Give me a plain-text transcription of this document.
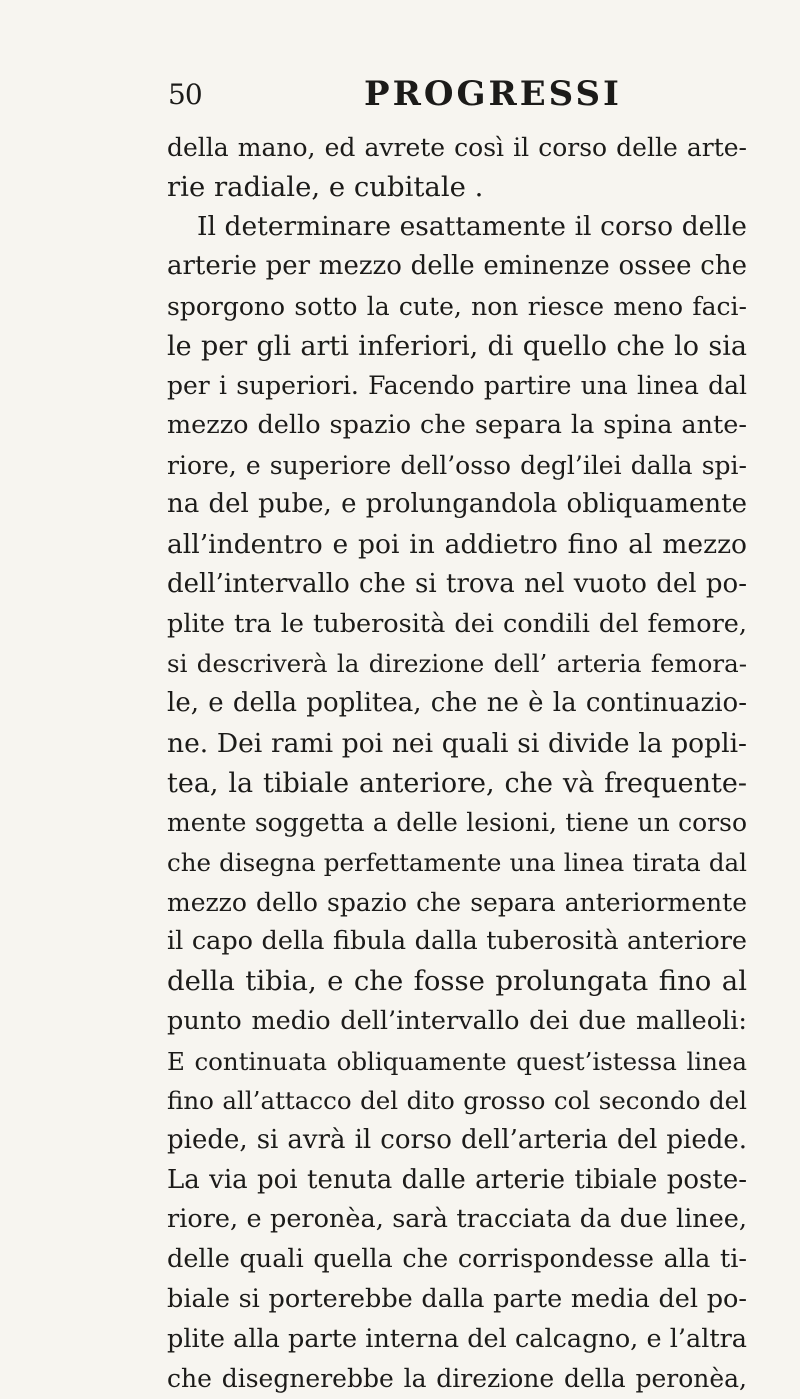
50	PROGRESSI
della mano, ed avrete così il corso delle arte-
rie radiale, e cubitale .
Il determinare esattamente il corso delle
arterie per mezzo delle eminenze ossee che
sporgono sotto la cute, non riesce meno faci-
le per gli arti inferiori, di quello che lo sia
per i superiori. Facendo partire una linea dal
mezzo dello spazio che separa la spina ante-
riore, e superiore dell’osso degl’ilei dalla spi-
na del pube, e prolungandola obliquamente
all’indentro e poi in addietro fino al mezzo
dell’intervallo che si trova nel vuoto del po-
plite tra le tuberosità dei condili del femore,
si descriverà la direzione dell’ arteria femora-
le, e della poplitea, che ne è la continuazio-
ne. Dei rami poi nei quali si divide la popli-
tea, la tibiale anteriore, che và frequente-
mente soggetta a delle lesioni, tiene un corso
che disegna perfettamente una linea tirata dal
mezzo dello spazio che separa anteriormente
il capo della fibula dalla tuberosità anteriore
della tibia, e che fosse prolungata fino al
punto medio dell’intervallo dei due malleoli:
E continuata obliquamente quest’istessa linea
fino all’attacco del dito grosso col secondo del
piede, si avrà il corso dell’arteria del piede.
La via poi tenuta dalle arterie tibiale poste-
riore, e peronèa, sarà tracciata da due linee,
delle quali quella che corrispondesse alla ti-
biale si porterebbe dalla parte media del po-
plite alla parte interna del calcagno, e l’altra
che disegnerebbe la direzione della peronèa,
